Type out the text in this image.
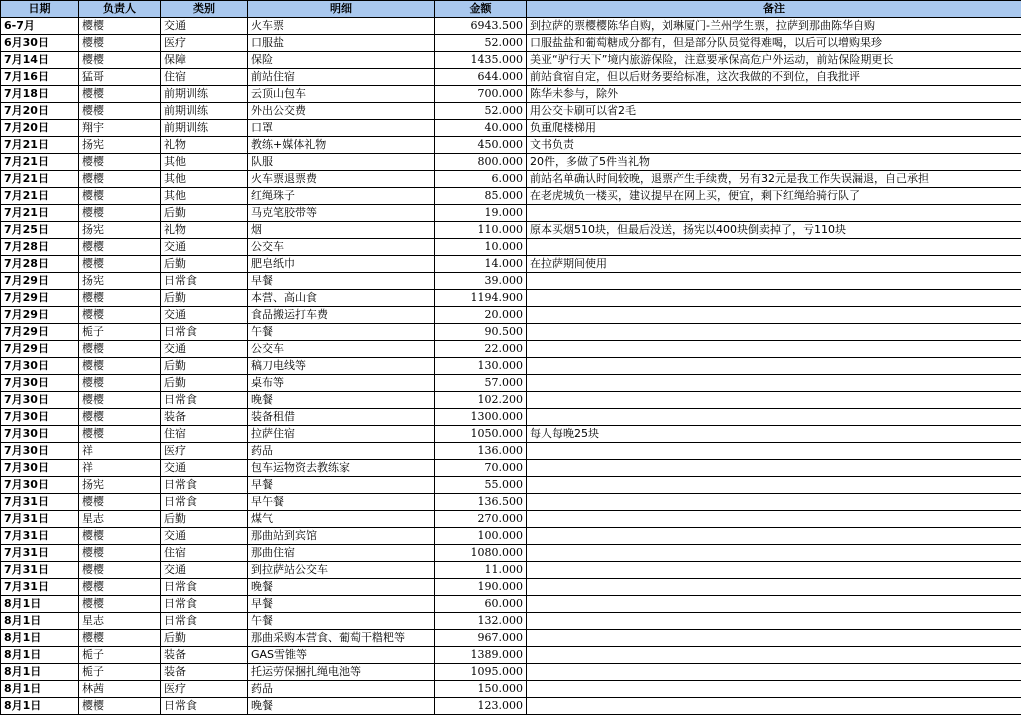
日期	负责人	类别	明细	金额	备注
6-7月	樱樱	交通	火车票	6943.500	到拉萨的票樱樱陈华自购，刘琳厦门-兰州学生票，拉萨到那曲陈华自购
6月30日	樱樱	医疗	口服盐	52.000	口服盐盐和葡萄糖成分都有，但是部分队员觉得难喝，以后可以增购果珍
7月14日	樱樱	保障	保险	1435.000	美亚“驴行天下”境内旅游保险，注意要承保高危户外运动，前站保险期更长
7月16日	猛哥	住宿	前站住宿	644.000	前站食宿自定，但以后财务要给标准，这次我做的不到位，自我批评
7月18日	樱樱	前期训练	云顶山包车	700.000	陈华未参与，除外
7月20日	樱樱	前期训练	外出公交费	52.000	用公交卡刷可以省2毛
7月20日	翔宇	前期训练	口罩	40.000	负重爬楼梯用
7月21日	扬宪	礼物	教练+媒体礼物	450.000	文书负责
7月21日	樱樱	其他	队服	800.000	20件，多做了5件当礼物
7月21日	樱樱	其他	火车票退票费	6.000	前站名单确认时间较晚，退票产生手续费，另有32元是我工作失误漏退，自己承担
7月21日	樱樱	其他	红绳珠子	85.000	在老虎城负一楼买，建议提早在网上买，便宜，剩下红绳给骑行队了
7月21日	樱樱	后勤	马克笔胶带等	19.000	
7月25日	扬宪	礼物	烟	110.000	原本买烟510块，但最后没送，扬宪以400块倒卖掉了，亏110块
7月28日	樱樱	交通	公交车	10.000	
7月28日	樱樱	后勤	肥皂纸巾	14.000	在拉萨期间使用
7月29日	扬宪	日常食	早餐	39.000	
7月29日	樱樱	后勤	本营、高山食	1194.900	
7月29日	樱樱	交通	食品搬运打车费	20.000	
7月29日	栀子	日常食	午餐	90.500	
7月29日	樱樱	交通	公交车	22.000	
7月30日	樱樱	后勤	稿刀电线等	130.000	
7月30日	樱樱	后勤	桌布等	57.000	
7月30日	樱樱	日常食	晚餐	102.200	
7月30日	樱樱	装备	装备租借	1300.000	
7月30日	樱樱	住宿	拉萨住宿	1050.000	每人每晚25块
7月30日	祥	医疗	药品	136.000	
7月30日	祥	交通	包车运物资去教练家	70.000	
7月30日	扬宪	日常食	早餐	55.000	
7月31日	樱樱	日常食	早午餐	136.500	
7月31日	星志	后勤	煤气	270.000	
7月31日	樱樱	交通	那曲站到宾馆	100.000	
7月31日	樱樱	住宿	那曲住宿	1080.000	
7月31日	樱樱	交通	到拉萨站公交车	11.000	
7月31日	樱樱	日常食	晚餐	190.000	
8月1日	樱樱	日常食	早餐	60.000	
8月1日	星志	日常食	午餐	132.000	
8月1日	樱樱	后勤	那曲采购本营食、葡萄干糌粑等	967.000	
8月1日	栀子	装备	GAS雪锥等	1389.000	
8月1日	栀子	装备	托运劳保捆扎绳电池等	1095.000	
8月1日	林茜	医疗	药品	150.000	
8月1日	樱樱	日常食	晚餐	123.000	
